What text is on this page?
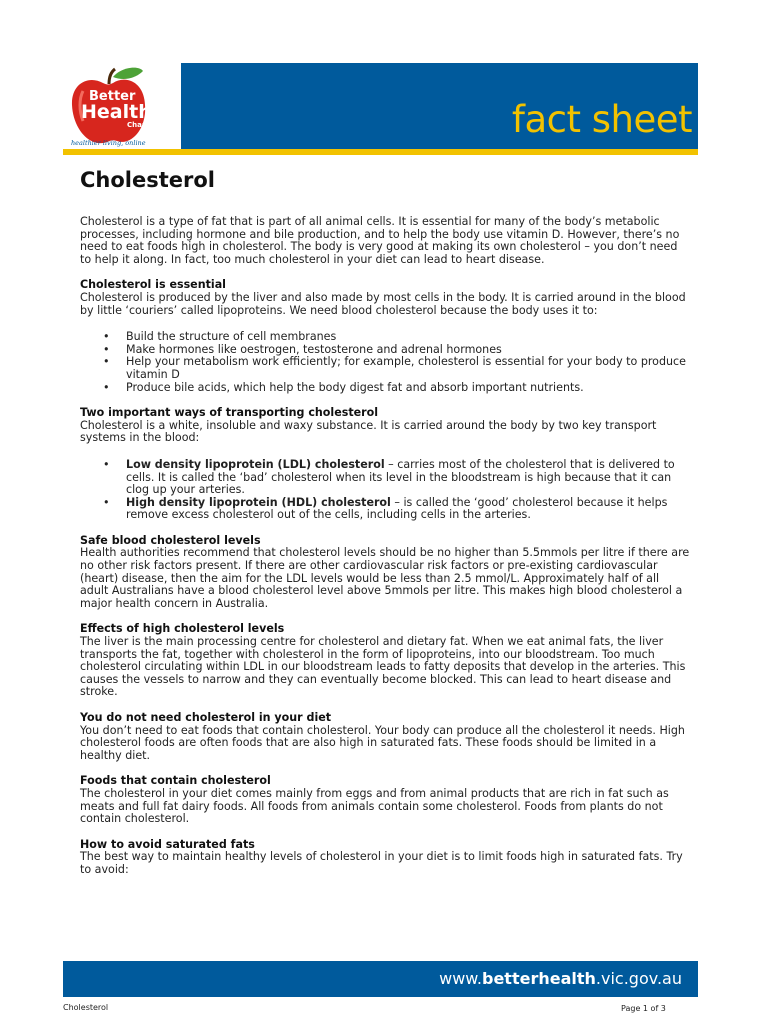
Better
Health
Channel
healthier living, online
fact sheet
Cholesterol

Cholesterol is a type of fat that is part of all animal cells. It is essential for many of the body’s metabolic processes, including hormone and bile production, and to help the body use vitamin D. However, there’s no need to eat foods high in cholesterol. The body is very good at making its own cholesterol – you don’t need to help it along. In fact, too much cholesterol in your diet can lead to heart disease.

Cholesterol is essential

Cholesterol is produced by the liver and also made by most cells in the body. It is carried around in the blood by little ‘couriers’ called lipoproteins. We need blood cholesterol because the body uses it to:

• Build the structure of cell membranes
• Make hormones like oestrogen, testosterone and adrenal hormones
• Help your metabolism work efficiently; for example, cholesterol is essential for your body to produce vitamin D
• Produce bile acids, which help the body digest fat and absorb important nutrients.
Two important ways of transporting cholesterol

Cholesterol is a white, insoluble and waxy substance. It is carried around the body by two key transport systems in the blood:

• Low density lipoprotein (LDL) cholesterol – carries most of the cholesterol that is delivered to cells. It is called the ‘bad’ cholesterol when its level in the bloodstream is high because that it can clog up your arteries.
• High density lipoprotein (HDL) cholesterol – is called the ‘good’ cholesterol because it helps remove excess cholesterol out of the cells, including cells in the arteries.
Safe blood cholesterol levels

Health authorities recommend that cholesterol levels should be no higher than 5.5mmols per litre if there are no other risk factors present. If there are other cardiovascular risk factors or pre-existing cardiovascular (heart) disease, then the aim for the LDL levels would be less than 2.5 mmol/L. Approximately half of all adult Australians have a blood cholesterol level above 5mmols per litre. This makes high blood cholesterol a major health concern in Australia.

Effects of high cholesterol levels

The liver is the main processing centre for cholesterol and dietary fat. When we eat animal fats, the liver transports the fat, together with cholesterol in the form of lipoproteins, into our bloodstream. Too much cholesterol circulating within LDL in our bloodstream leads to fatty deposits that develop in the arteries. This causes the vessels to narrow and they can eventually become blocked. This can lead to heart disease and stroke.

You do not need cholesterol in your diet

You don’t need to eat foods that contain cholesterol. Your body can produce all the cholesterol it needs. High cholesterol foods are often foods that are also high in saturated fats. These foods should be limited in a healthy diet.

Foods that contain cholesterol

The cholesterol in your diet comes mainly from eggs and from animal products that are rich in fat such as meats and full fat dairy foods. All foods from animals contain some cholesterol. Foods from plants do not contain cholesterol.

How to avoid saturated fats

The best way to maintain healthy levels of cholesterol in your diet is to limit foods high in saturated fats. Try to avoid:

www.betterhealth.vic.gov.au
Cholesterol	Page 1 of 3
